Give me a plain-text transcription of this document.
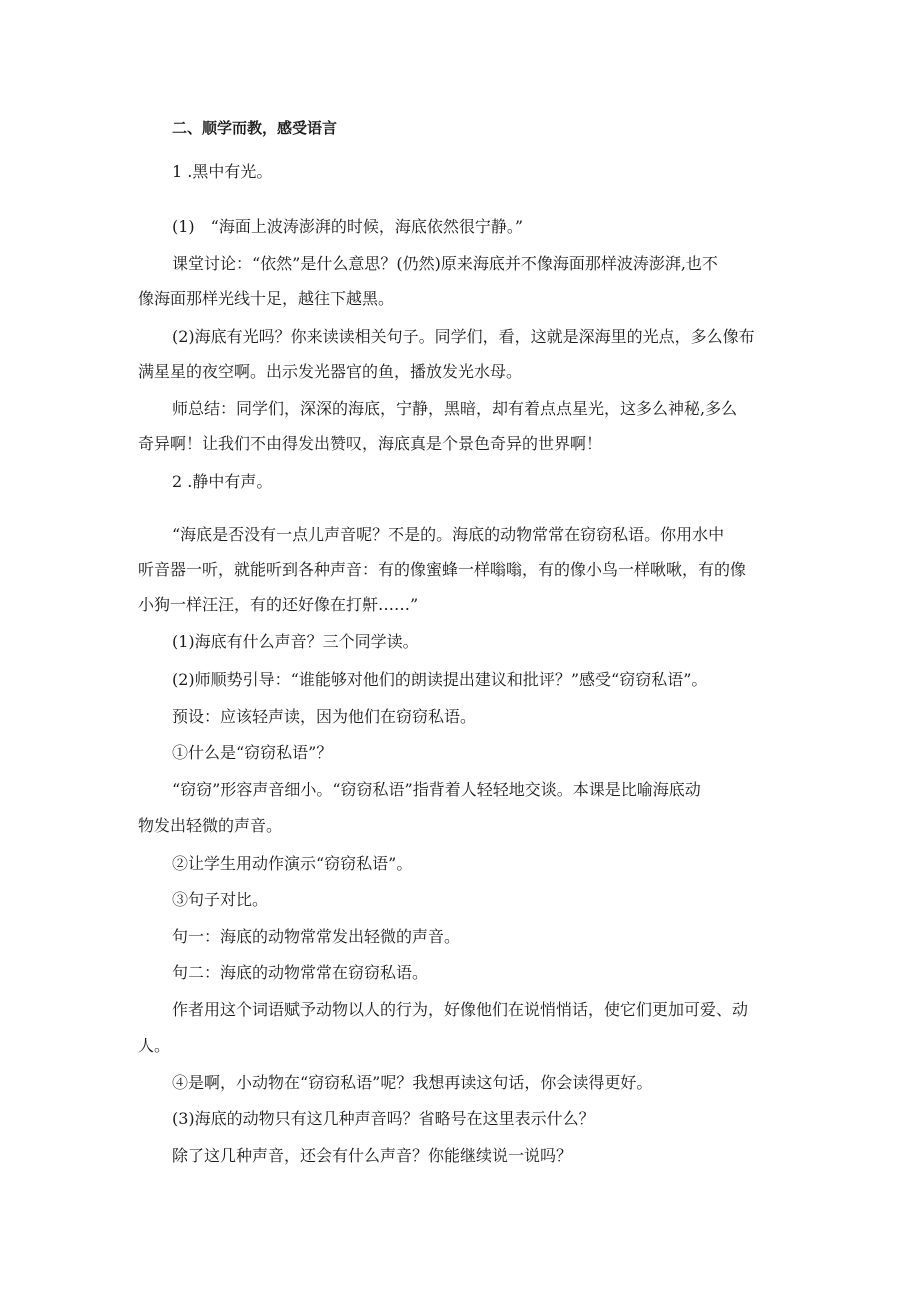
二、顺学而教，感受语言
1 .黑中有光。
(1)　“海面上波涛澎湃的时候，海底依然很宁静。”
课堂讨论：“依然”是什么意思？(仍然)原来海底并不像海面那样波涛澎湃,也不
像海面那样光线十足，越往下越黑。
(2)海底有光吗？你来读读相关句子。同学们，看，这就是深海里的光点，多么像布
满星星的夜空啊。出示发光器官的鱼，播放发光水母。
师总结：同学们，深深的海底，宁静，黑暗，却有着点点星光，这多么神秘,多么
奇异啊！让我们不由得发出赞叹，海底真是个景色奇异的世界啊！
2 .静中有声。
“海底是否没有一点儿声音呢？不是的。海底的动物常常在窃窃私语。你用水中
听音器一听，就能听到各种声音：有的像蜜蜂一样嗡嗡，有的像小鸟一样啾啾，有的像
小狗一样汪汪，有的还好像在打鼾……”
(1)海底有什么声音？三个同学读。
(2)师顺势引导：“谁能够对他们的朗读提出建议和批评？”感受“窃窃私语”。
预设：应该轻声读，因为他们在窃窃私语。
①什么是“窃窃私语”？
“窃窃”形容声音细小。“窃窃私语”指背着人轻轻地交谈。本课是比喻海底动
物发出轻微的声音。
②让学生用动作演示“窃窃私语”。
③句子对比。
句一：海底的动物常常发出轻微的声音。
句二：海底的动物常常在窃窃私语。
作者用这个词语赋予动物以人的行为，好像他们在说悄悄话，使它们更加可爱、动
人。
④是啊，小动物在“窃窃私语”呢？我想再读这句话，你会读得更好。
(3)海底的动物只有这几种声音吗？省略号在这里表示什么？
除了这几种声音，还会有什么声音？你能继续说一说吗？
